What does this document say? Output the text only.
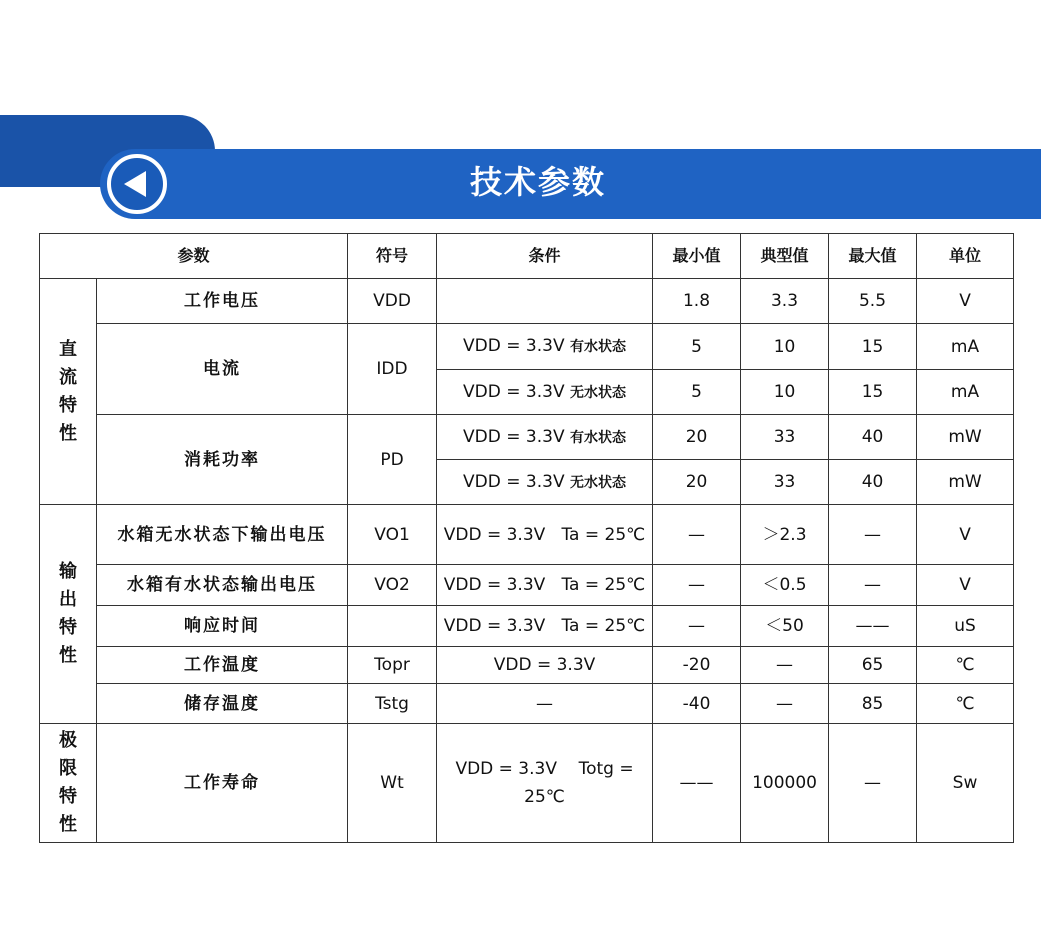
技术参数
参数		符号	条件	最小值	典型值	最大值	单位

直
流
特
性	工作电压	VDD		1.8	3.3	5.5	V
	电流	IDD	VDD = 3.3V 有水状态	5	10	15	mA
			VDD = 3.3V 无水状态	5	10	15	mA
	消耗功率	PD	VDD = 3.3V 有水状态	20	33	40	mW
			VDD = 3.3V 无水状态	20	33	40	mW

输
出
特
性	水箱无水状态下输出电压	VO1	VDD = 3.3V   Ta = 25℃	—	＞2.3	—	V
	水箱有水状态输出电压	VO2	VDD = 3.3V   Ta = 25℃	—	＜0.5	—	V
	响应时间		VDD = 3.3V   Ta = 25℃	—	＜50	——	uS
	工作温度	Topr	VDD = 3.3V	-20	—	65	℃
	储存温度	Tstg	—	-40	—	85	℃

极
限
特
性	工作寿命	Wt	VDD = 3.3V    Totg = 25℃	——	100000	—	Sw
